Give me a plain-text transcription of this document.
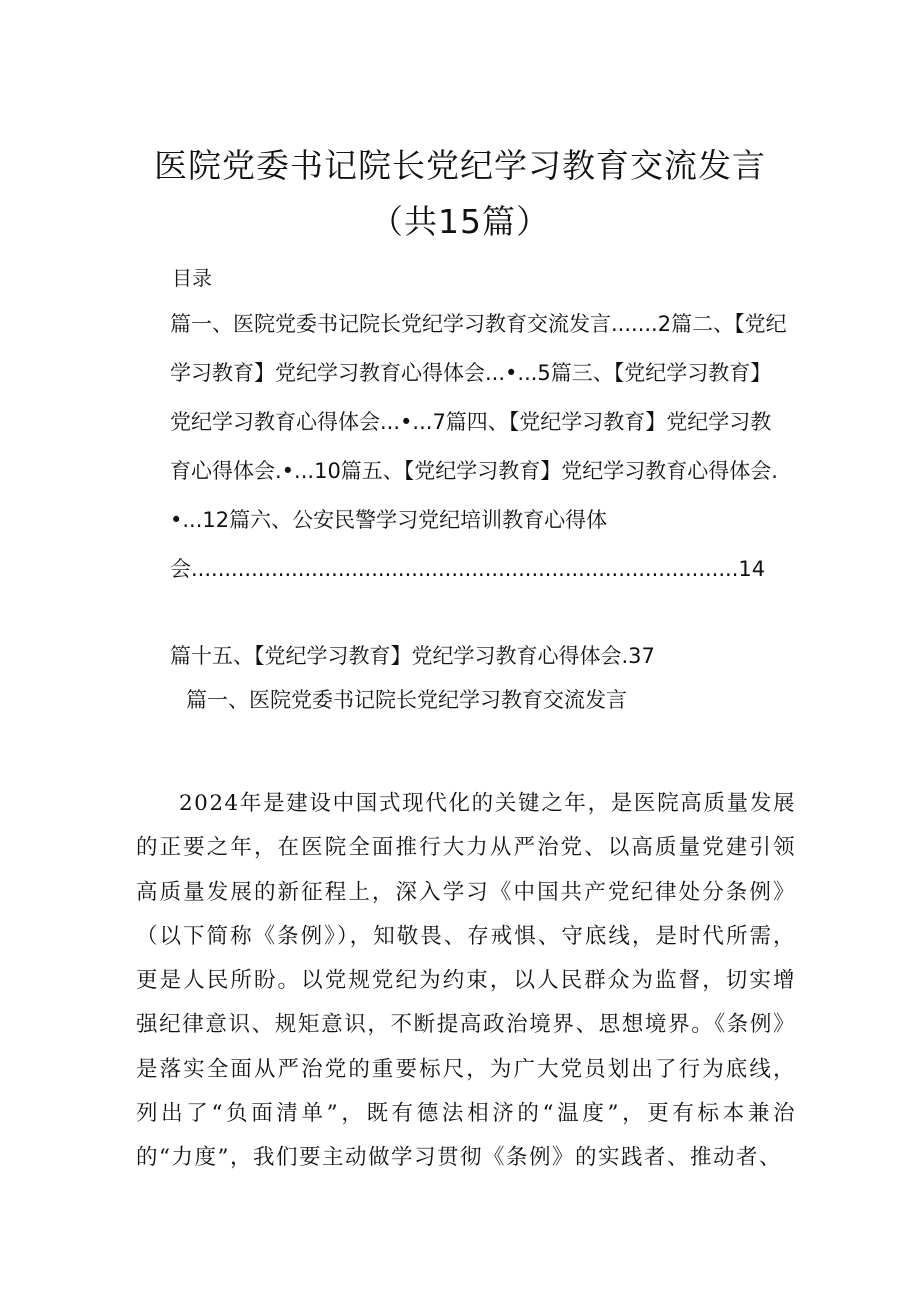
医院党委书记院长党纪学习教育交流发言
（共15篇）
目录
篇一、医院党委书记院长党纪学习教育交流发言.......2篇二、【党纪学习教育】党纪学习教育心得体会...•...5篇三、【党纪学习教育】党纪学习教育心得体会...•...7篇四、【党纪学习教育】党纪学习教育心得体会.•...10篇五、【党纪学习教育】党纪学习教育心得体会.•...12篇六、公安民警学习党纪培训教育心得体会..................................................................................14
篇十五、【党纪学习教育】党纪学习教育心得体会.37
篇一、医院党委书记院长党纪学习教育交流发言
2024年是建设中国式现代化的关键之年，是医院高质量发展的正要之年，在医院全面推行大力从严治党、以高质量党建引领高质量发展的新征程上，深入学习《中国共产党纪律处分条例》（以下简称《条例》），知敬畏、存戒惧、守底线，是时代所需，更是人民所盼。以党规党纪为约束，以人民群众为监督，切实增强纪律意识、规矩意识，不断提高政治境界、思想境界。《条例》是落实全面从严治党的重要标尺，为广大党员划出了行为底线，列出了“负面清单”，既有德法相济的“温度”，更有标本兼治的“力度”，我们要主动做学习贯彻《条例》的实践者、推动者、
